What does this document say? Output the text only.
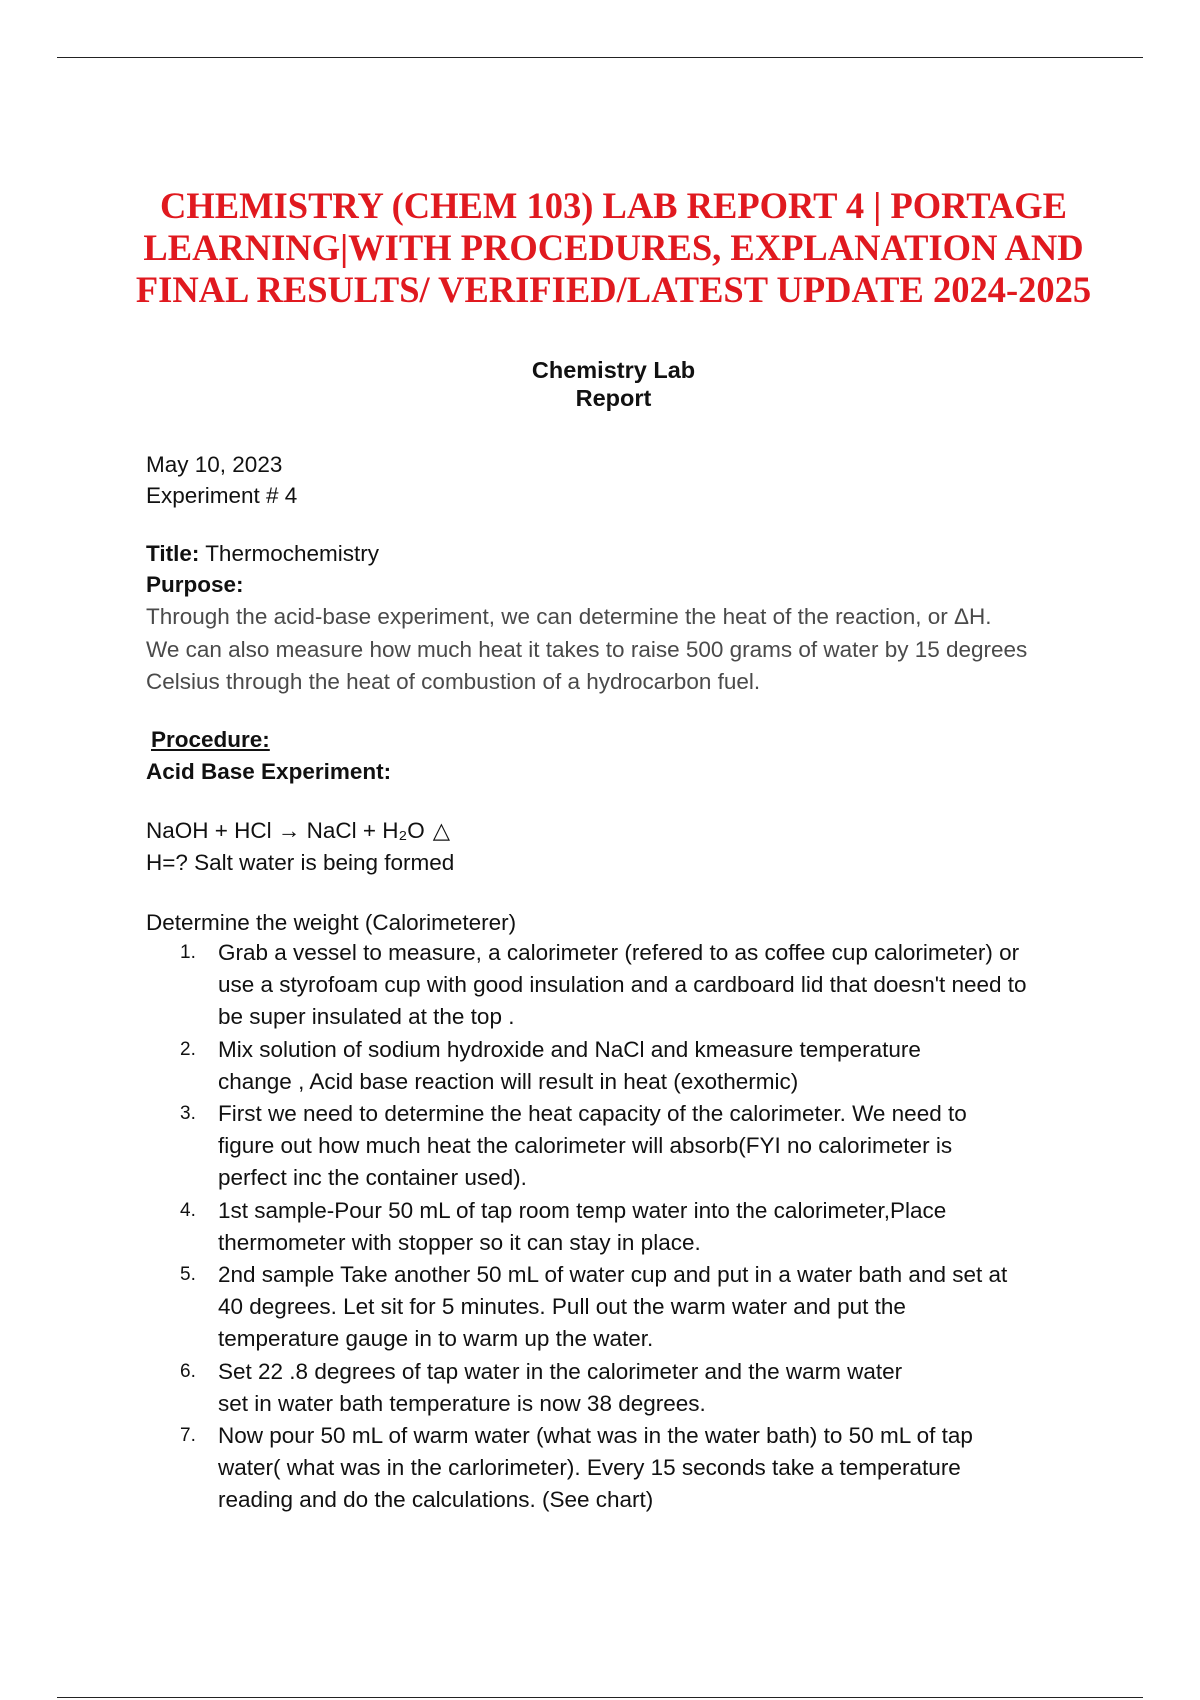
CHEMISTRY (CHEM 103) LAB REPORT 4 | PORTAGE
LEARNING|WITH PROCEDURES, EXPLANATION AND
FINAL RESULTS/ VERIFIED/LATEST UPDATE 2024-2025
Chemistry Lab
Report

May 10, 2023

Experiment # 4

Title: Thermochemistry

Purpose:

Through the acid-base experiment, we can determine the heat of the reaction, or ΔH.
We can also measure how much heat it takes to raise 500 grams of water by 15 degrees
Celsius through the heat of combustion of a hydrocarbon fuel.

Procedure:

Acid Base Experiment:

NaOH + HCl → NaCl + H₂O △

H=? Salt water is being formed

Determine the weight (Calorimeterer)

1. Grab a vessel to measure, a calorimeter (refered to as coffee cup calorimeter) or
use a styrofoam cup with good insulation and a cardboard lid that doesn't need to
be super insulated at the top .
2. Mix solution of sodium hydroxide and NaCl and kmeasure temperature
change , Acid base reaction will result in heat (exothermic)
3. First we need to determine the heat capacity of the calorimeter. We need to
figure out how much heat the calorimeter will absorb(FYI no calorimeter is
perfect inc the container used).
4. 1st sample-Pour 50 mL of tap room temp water into the calorimeter,Place
thermometer with stopper so it can stay in place.
5. 2nd sample Take another 50 mL of water cup and put in a water bath and set at
40 degrees. Let sit for 5 minutes. Pull out the warm water and put the
temperature gauge in to warm up the water.
6. Set 22 .8 degrees of tap water in the calorimeter and the warm water
set in water bath temperature is now 38 degrees.
7. Now pour 50 mL of warm water (what was in the water bath) to 50 mL of tap
water( what was in the carlorimeter). Every 15 seconds take a temperature
reading and do the calculations. (See chart)
